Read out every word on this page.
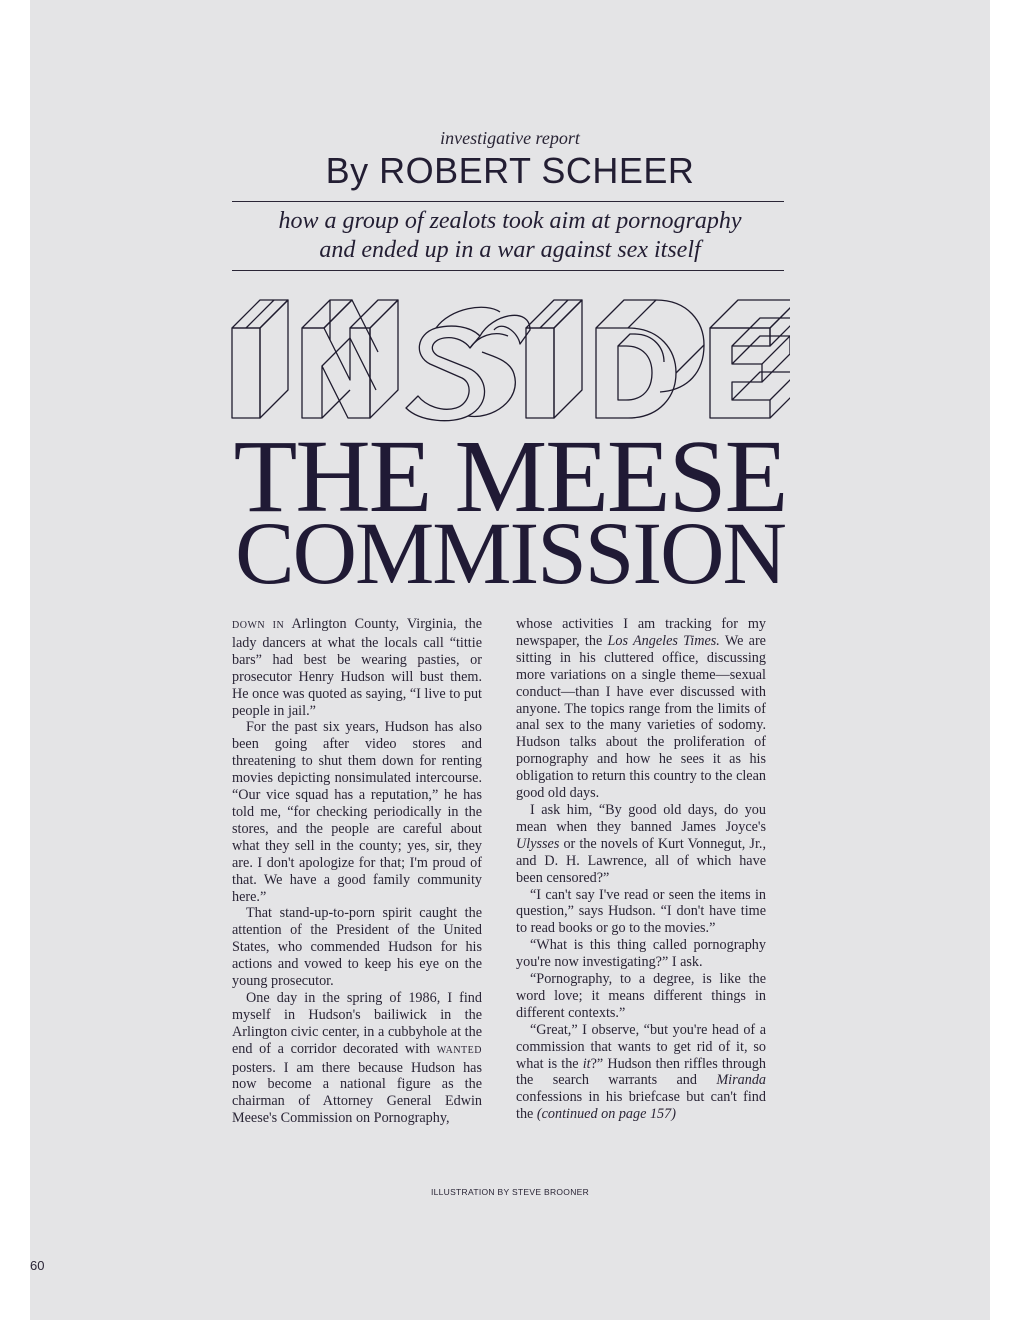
investigative report
By ROBERT SCHEER
how a group of zealots took aim at pornography
and ended up in a war against sex itself
THE MEESE
COMMISSION

DOWN IN Arlington County, Virginia, the lady dancers at what the locals call “tittie bars” had best be wearing pasties, or prosecutor Henry Hudson will bust them. He once was quoted as saying, “I live to put people in jail.”

For the past six years, Hudson has also been going after video stores and threatening to shut them down for renting movies depicting nonsimulated intercourse. “Our vice squad has a reputation,” he has told me, “for checking periodically in the stores, and the people are careful about what they sell in the county; yes, sir, they are. I don't apologize for that; I'm proud of that. We have a good family community here.”

That stand-up-to-porn spirit caught the attention of the President of the United States, who commended Hudson for his actions and vowed to keep his eye on the young prosecutor.

One day in the spring of 1986, I find myself in Hudson's bailiwick in the Arlington civic center, in a cubbyhole at the end of a corridor decorated with WANTED posters. I am there because Hudson has now become a national figure as the chairman of Attorney General Edwin Meese's Commission on Pornography,

whose activities I am tracking for my newspaper, the Los Angeles Times. We are sitting in his cluttered office, discussing more variations on a single theme—sexual conduct—than I have ever discussed with anyone. The topics range from the limits of anal sex to the many varieties of sodomy. Hudson talks about the proliferation of pornography and how he sees it as his obligation to return this country to the clean good old days.

I ask him, “By good old days, do you mean when they banned James Joyce's Ulysses or the novels of Kurt Vonnegut, Jr., and D. H. Lawrence, all of which have been censored?”

“I can't say I've read or seen the items in question,” says Hudson. “I don't have time to read books or go to the movies.”

“What is this thing called pornography you're now investigating?” I ask.

“Pornography, to a degree, is like the word love; it means different things in different contexts.”

“Great,” I observe, “but you're head of a commission that wants to get rid of it, so what is the it?” Hudson then riffles through the search warrants and Miranda confessions in his briefcase but can't find the (continued on page 157)

ILLUSTRATION BY STEVE BROONER
60
